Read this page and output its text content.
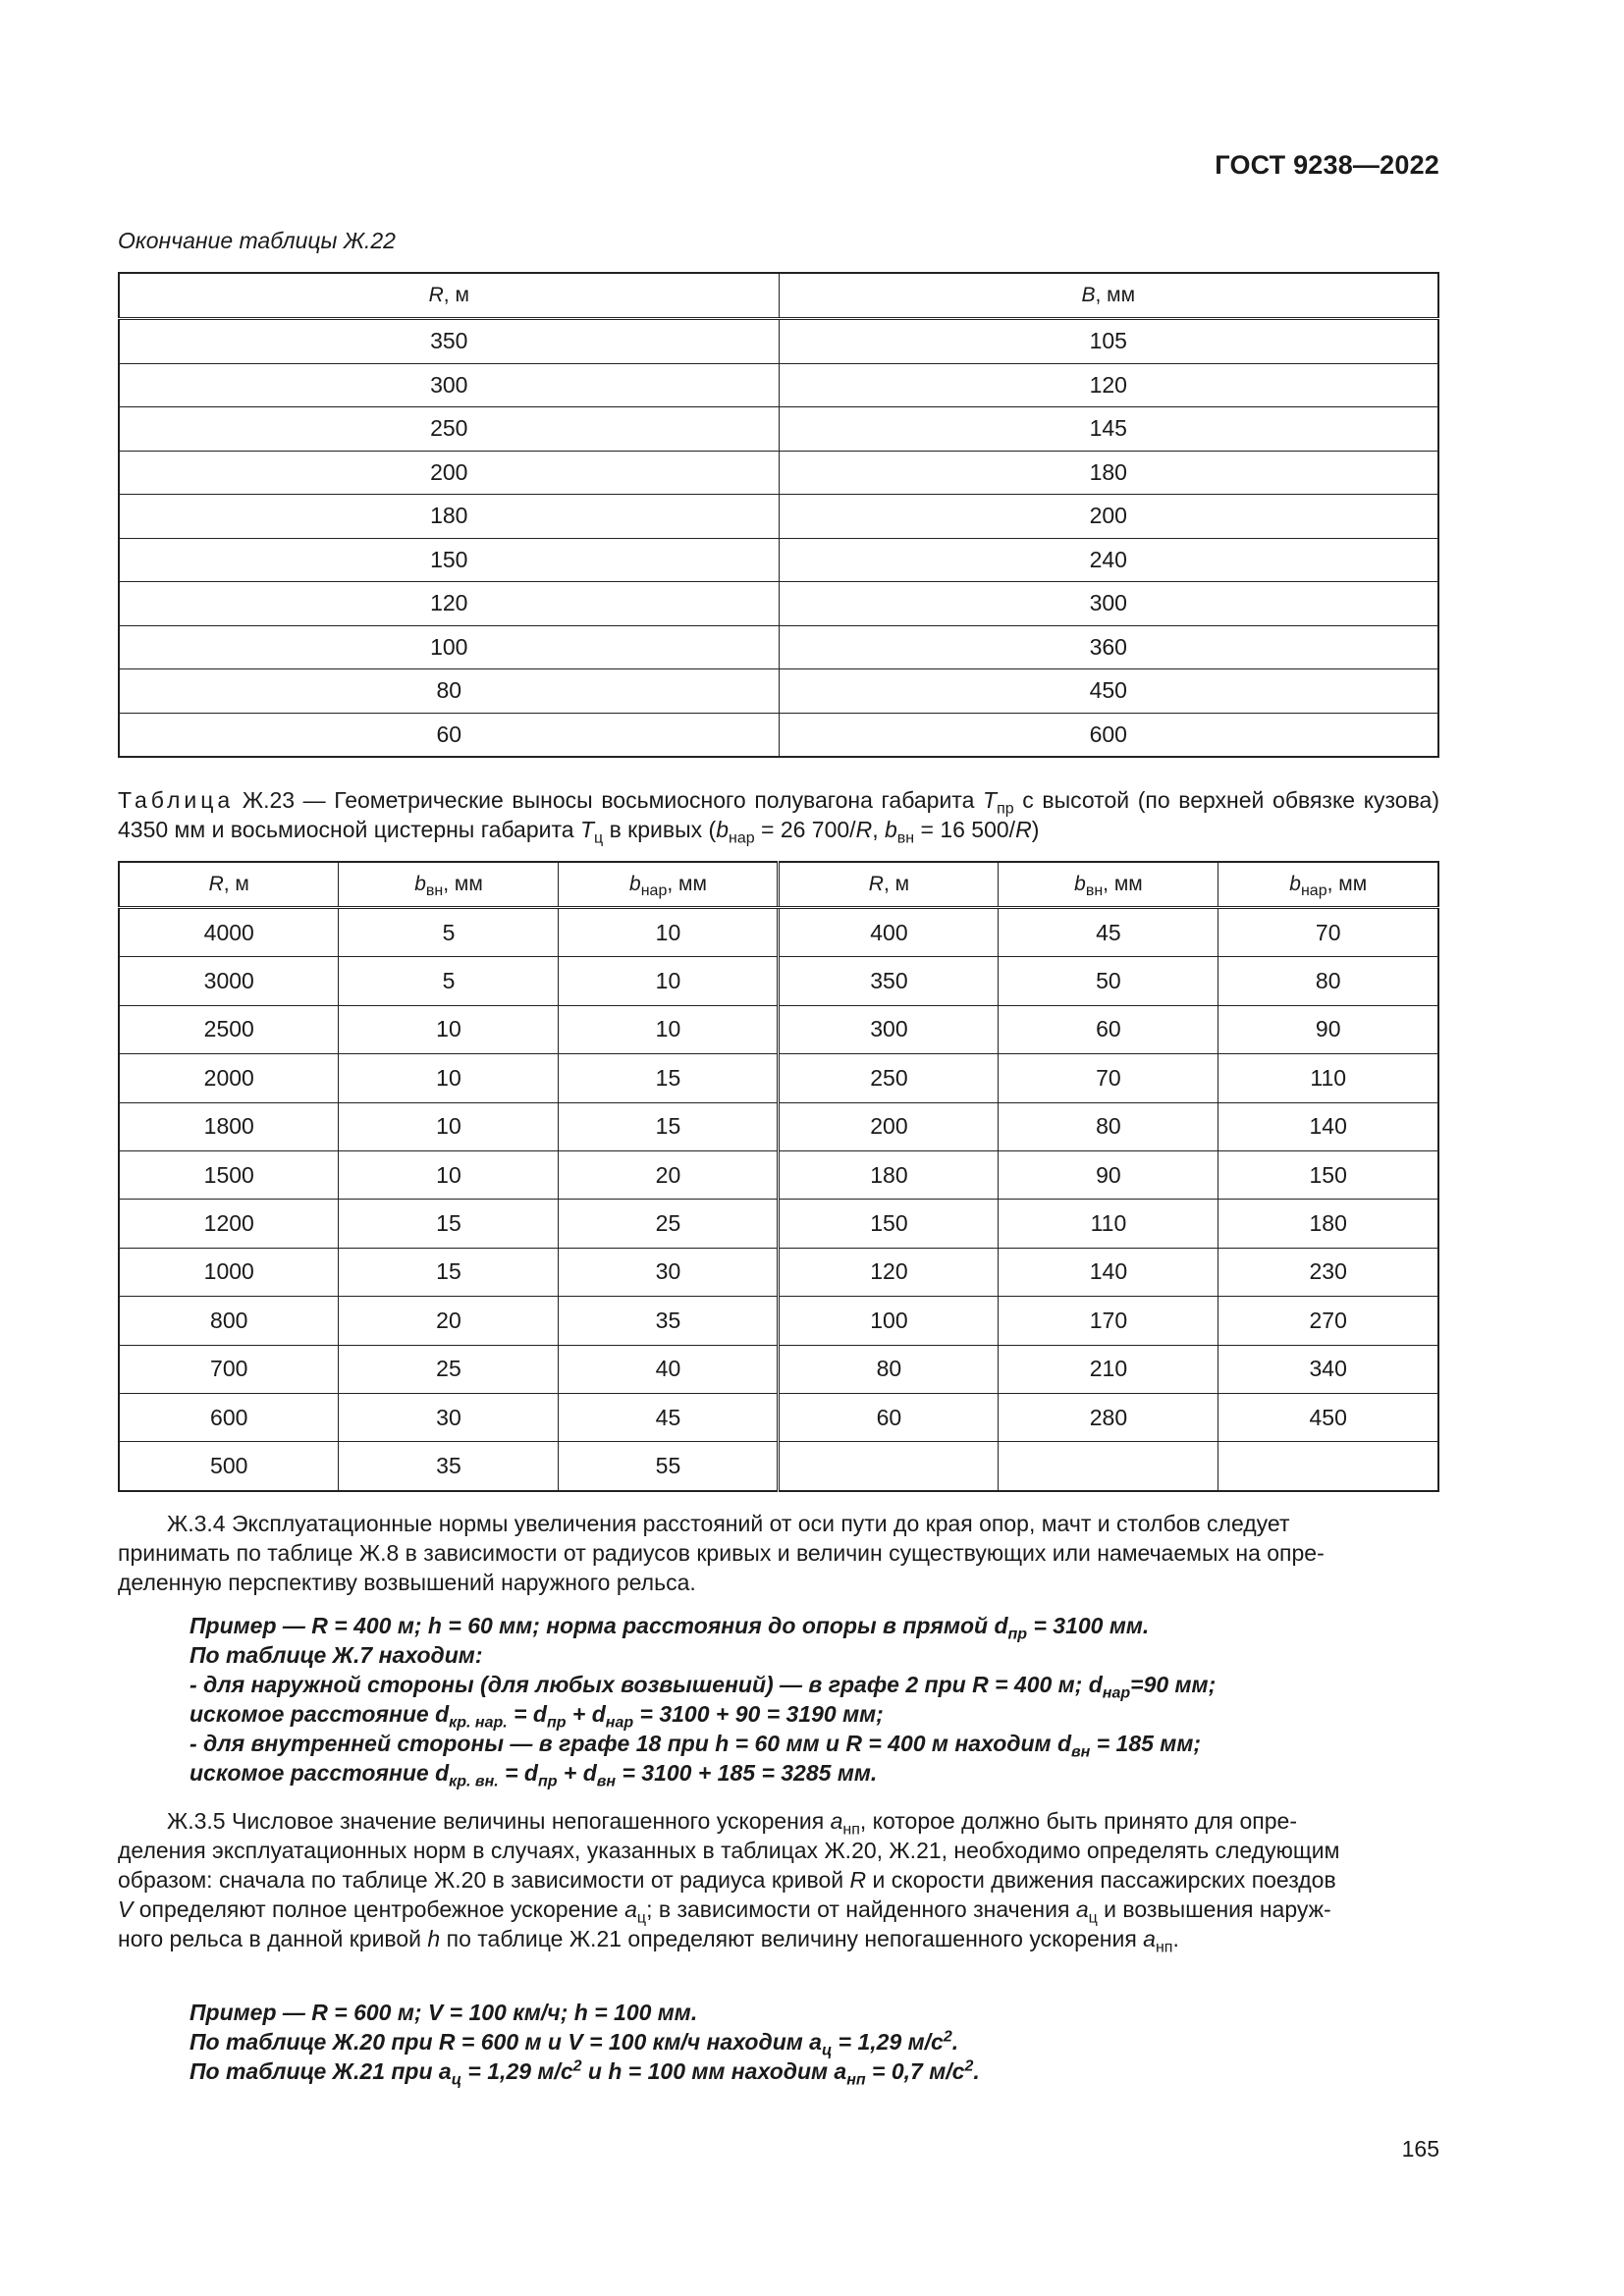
ГОСТ 9238—2022
Окончание таблицы Ж.22
R, м	B, мм
350	105
300	120
250	145
200	180
180	200
150	240
120	300
100	360
80	450
60	600
Таблица Ж.23 — Геометрические выносы восьмиосного полувагона габарита $Т_{пр}$ с высотой (по верхней обвязке кузова) 4350 мм и восьмиосной цистерны габарита $Т_ц$ в кривых ($b_{нар} = 26$ 700/R, $b_{вн} = 16$ 500/R)
R, м	$b_{вн}$, мм	$b_{нар}$, мм	R, м	$b_{вн}$, мм	$b_{нар}$, мм
4000	5	10	400	45	70
3000	5	10	350	50	80
2500	10	10	300	60	90
2000	10	15	250	70	110
1800	10	15	200	80	140
1500	10	20	180	90	150
1200	15	25	150	110	180
1000	15	30	120	140	230
800	20	35	100	170	270
700	25	40	80	210	340
600	30	45	60	280	450
500	35	55			
Ж.3.4 Эксплуатационные нормы увеличения расстояний от оси пути до края опор, мачт и столбов следует
принимать по таблице Ж.8 в зависимости от радиусов кривых и величин существующих или намечаемых на опре-
деленную перспективу возвышений наружного рельса.
Пример — R = 400 м; h = 60 мм; норма расстояния до опоры в прямой $d_{пр} = 3100$ мм.
По таблице Ж.7 находим:
- для наружной стороны (для любых возвышений) — в графе 2 при R = 400 м; $d_{нар}=90$ мм;
искомое расстояние $d_{кр. нар.} = d_{пр} + d_{нар} = 3100 + 90 = 3190$ мм;
- для внутренней стороны — в графе 18 при h = 60 мм и R = 400 м находим $d_{вн} = 185$ мм;
искомое расстояние $d_{кр. вн.} = d_{пр} + d_{вн} = 3100 + 185 = 3285$ мм.
Ж.3.5 Числовое значение величины непогашенного ускорения $а_{нп}$, которое должно быть принято для опре-
деления эксплуатационных норм в случаях, указанных в таблицах Ж.20, Ж.21, необходимо определять следующим
образом: сначала по таблице Ж.20 в зависимости от радиуса кривой R и скорости движения пассажирских поездов
V определяют полное центробежное ускорение $а_ц$; в зависимости от найденного значения $а_ц$ и возвышения наруж-
ного рельса в данной кривой h по таблице Ж.21 определяют величину непогашенного ускорения $а_{нп}$.
Пример — R = 600 м; V = 100 км/ч; h = 100 мм.
По таблице Ж.20 при R = 600 м и V = 100 км/ч находим $a_ц = 1,29$ $м/с^2$.
По таблице Ж.21 при $a_ц = 1,29$ $м/с^2$ и h = 100 мм находим $a_{нп} = 0,7$ $м/с^2$.
165
